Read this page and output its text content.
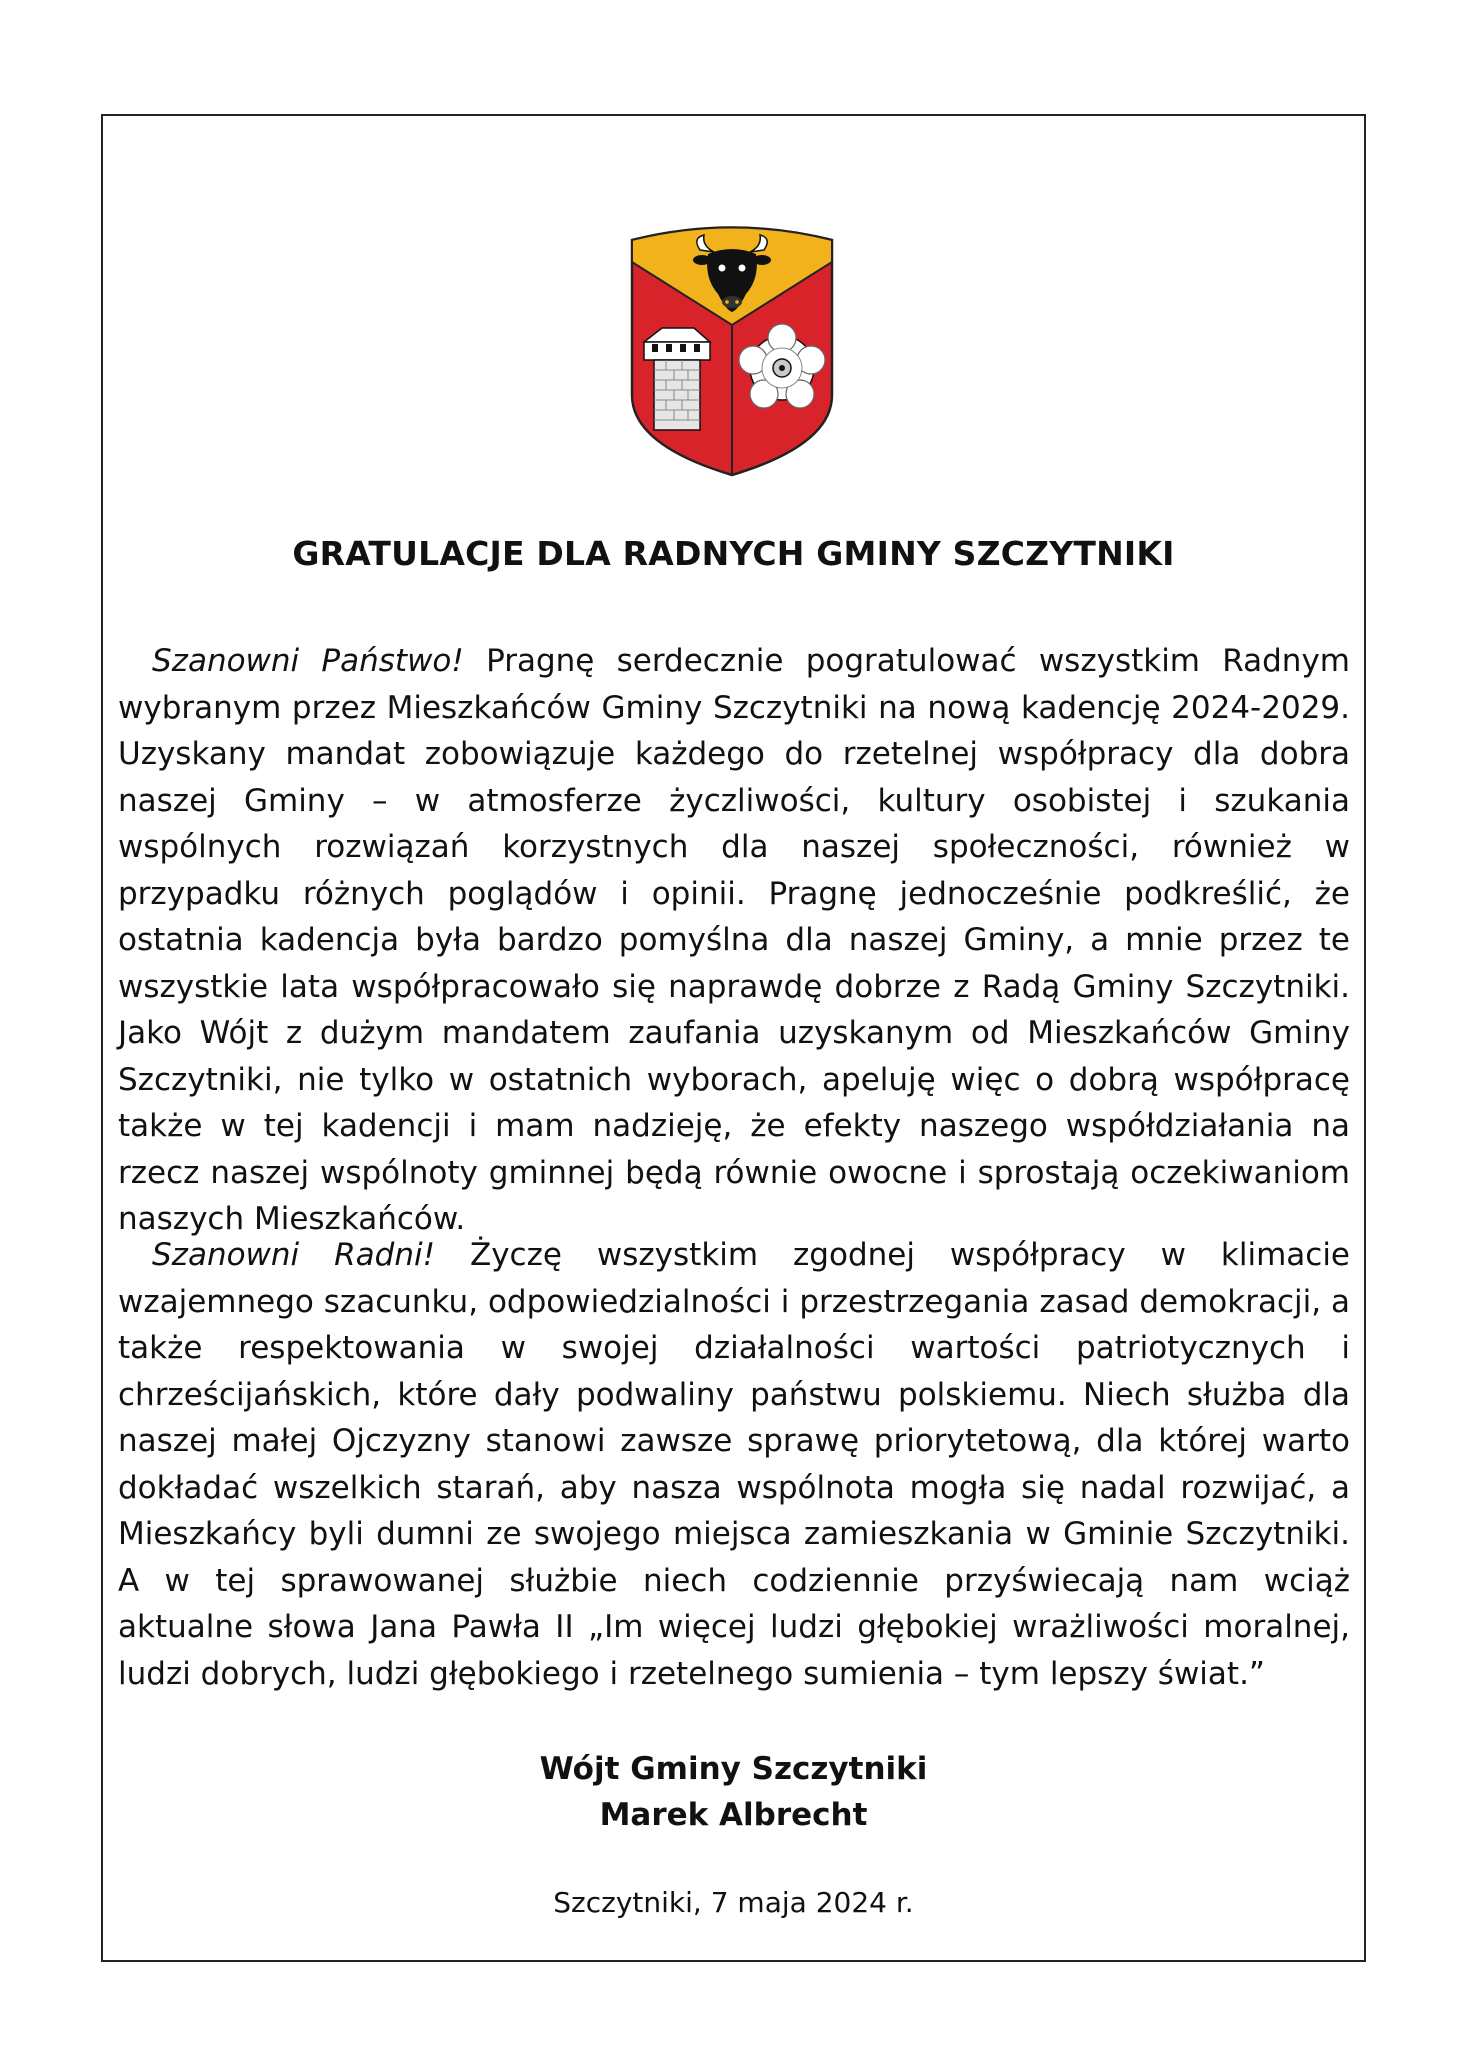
GRATULACJE DLA RADNYCH GMINY SZCZYTNIKI

Szanowni Państwo! Pragnę serdecznie pogratulować wszystkim Radnym wybranym przez Mieszkańców Gminy Szczytniki na nową kadencję 2024-2029. Uzyskany mandat zobowiązuje każdego do rzetelnej współpracy dla dobra naszej Gminy – w atmosferze życzliwości, kultury osobistej i szukania wspólnych rozwiązań korzystnych dla naszej społeczności, również w przypadku różnych poglądów i opinii. Pragnę jednocześnie podkreślić, że ostatnia kadencja była bardzo pomyślna dla naszej Gminy, a mnie przez te wszystkie lata współpracowało się naprawdę dobrze z Radą Gminy Szczytniki. Jako Wójt z dużym mandatem zaufania uzyskanym od Mieszkańców Gminy Szczytniki, nie tylko w ostatnich wyborach, apeluję więc o dobrą współpracę także w tej kadencji i mam nadzieję, że efekty naszego współdziałania na rzecz naszej wspólnoty gminnej będą równie owocne i sprostają oczekiwaniom naszych Mieszkańców.

Szanowni Radni! Życzę wszystkim zgodnej współpracy w klimacie wzajemnego szacunku, odpowiedzialności i przestrzegania zasad demokracji, a także respektowania w swojej działalności wartości patriotycznych i chrześcijańskich, które dały podwaliny państwu polskiemu. Niech służba dla naszej małej Ojczyzny stanowi zawsze sprawę priorytetową, dla której warto dokładać wszelkich starań, aby nasza wspólnota mogła się nadal rozwijać, a Mieszkańcy byli dumni ze swojego miejsca zamieszkania w Gminie Szczytniki. A w tej sprawowanej służbie niech codziennie przyświecają nam wciąż aktualne słowa Jana Pawła II „Im więcej ludzi głębokiej wrażliwości moralnej, ludzi dobrych, ludzi głębokiego i rzetelnego sumienia – tym lepszy świat.”

Wójt Gminy Szczytniki
Marek Albrecht
Szczytniki, 7 maja 2024 r.
